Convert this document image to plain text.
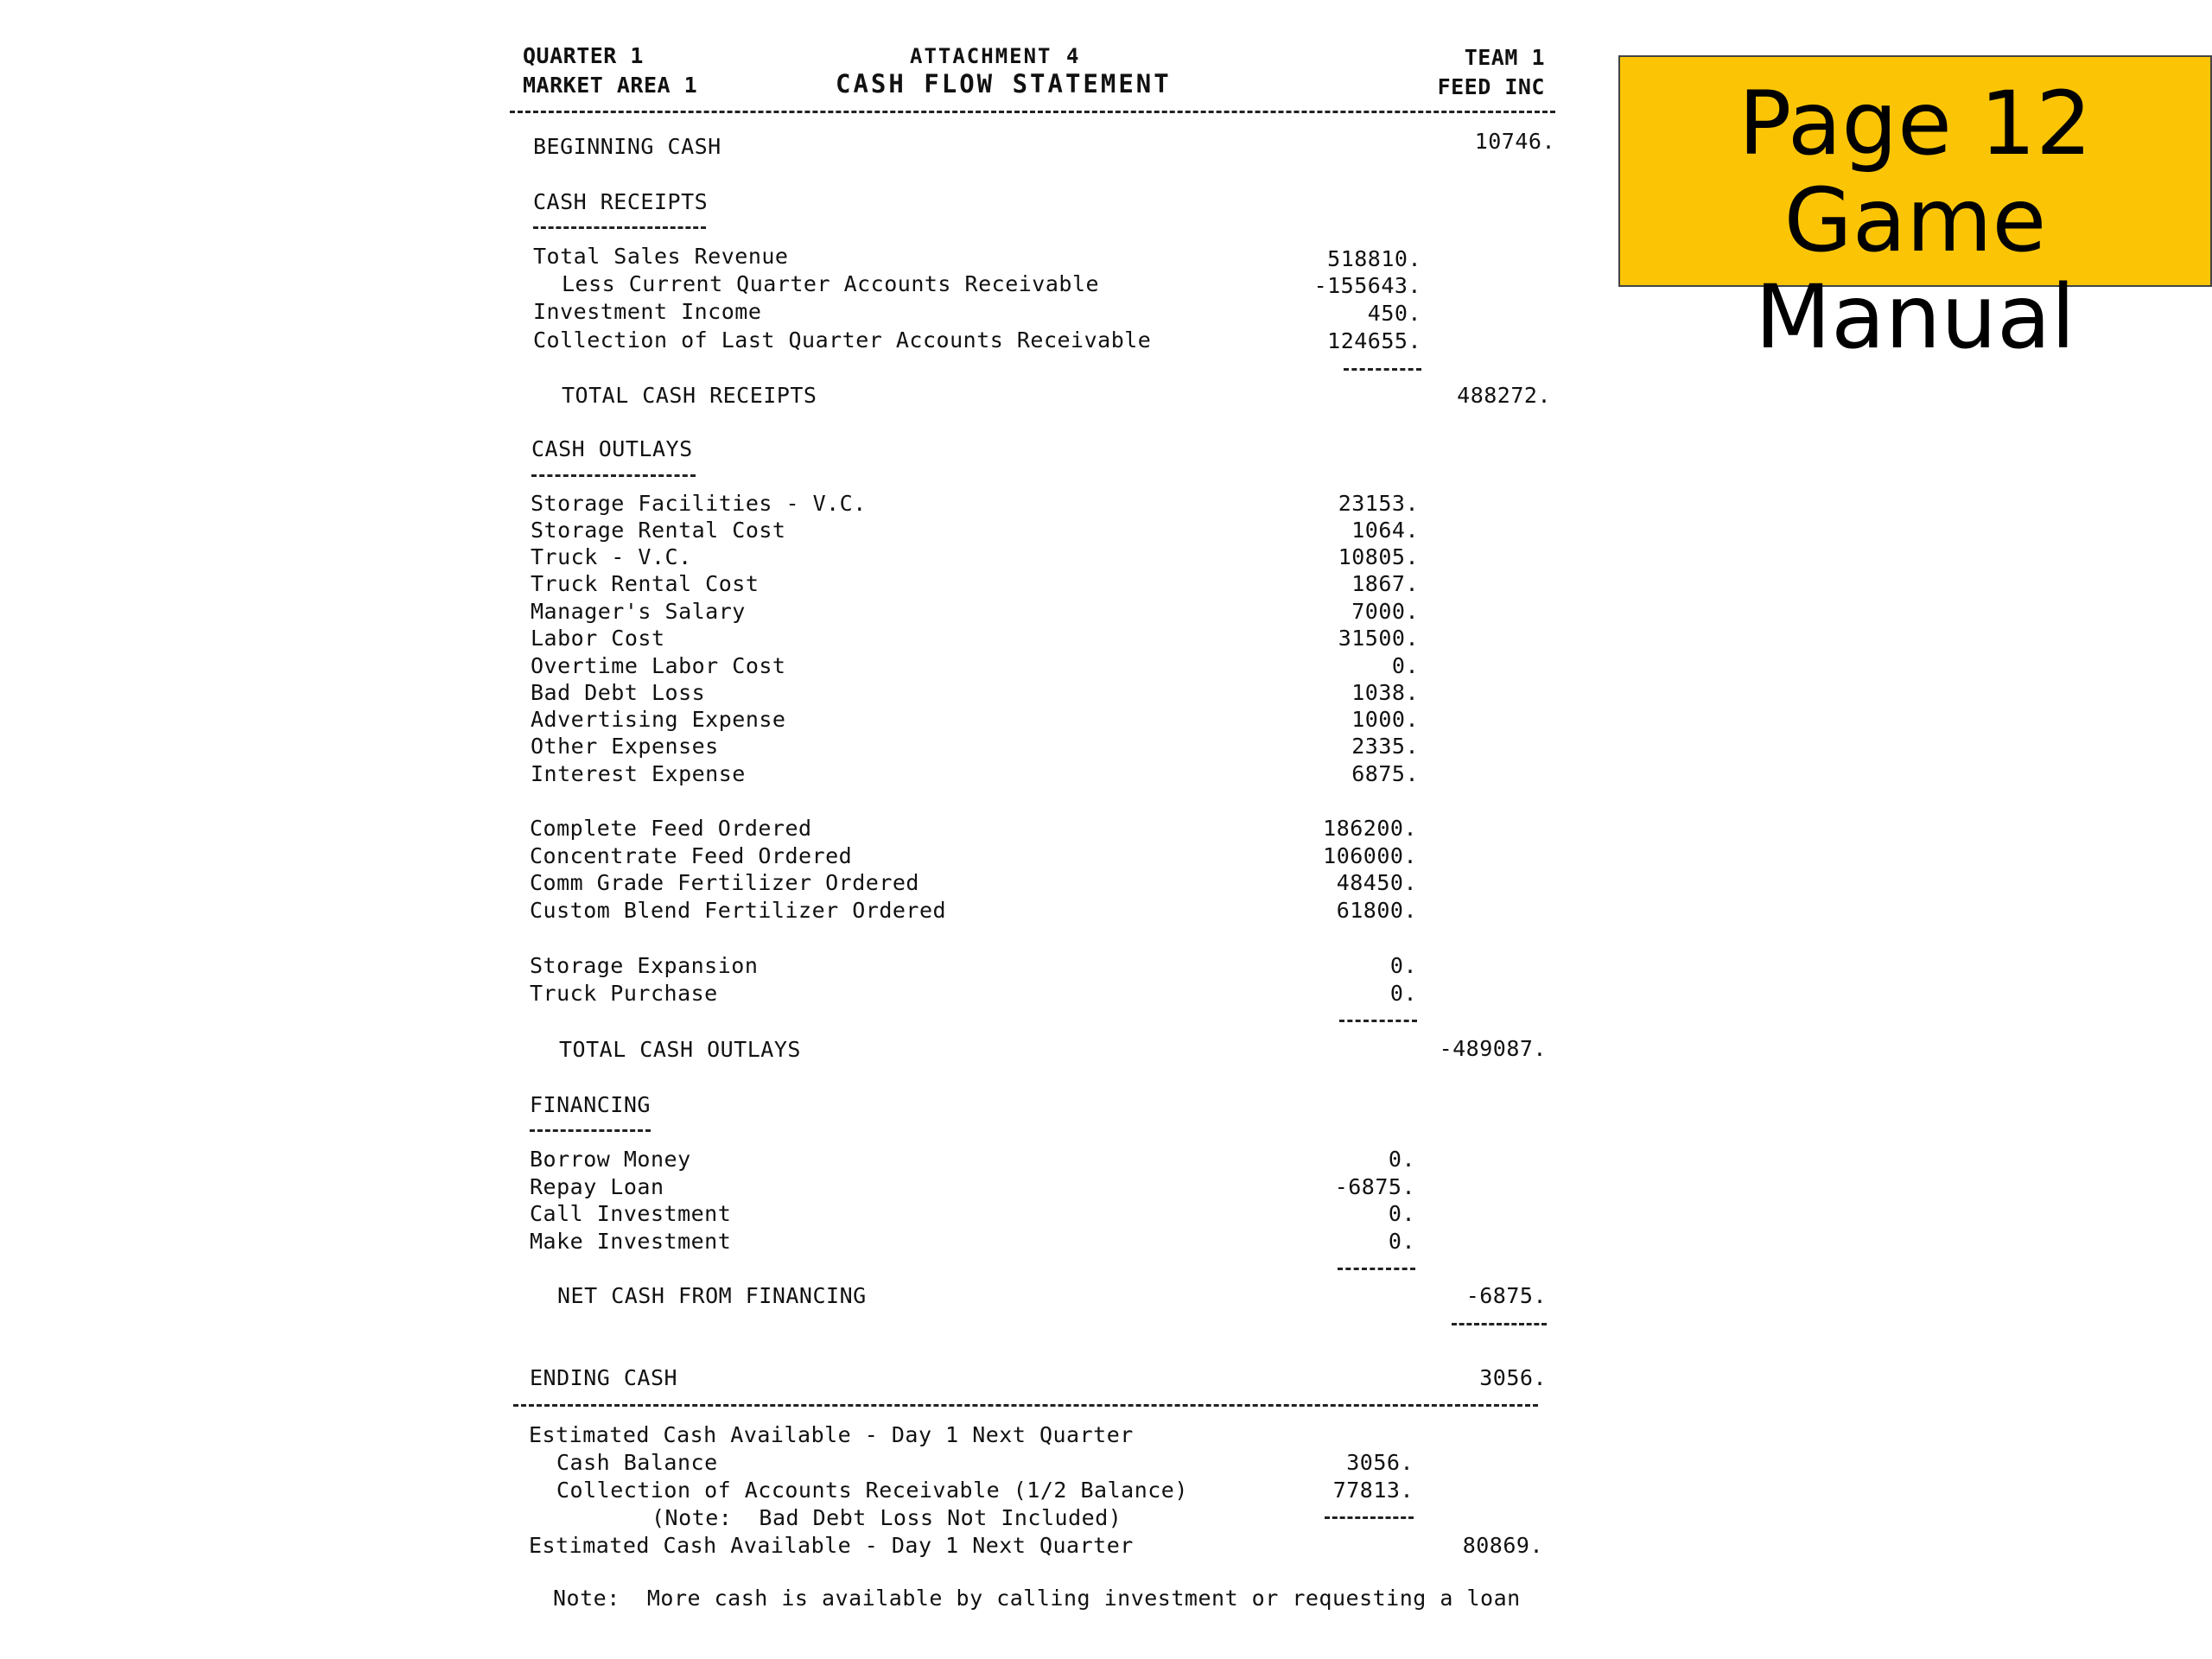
QUARTER 1
MARKET AREA 1
ATTACHMENT 4
CASH FLOW STATEMENT
TEAM 1
FEED INC
BEGINNING CASH	10746.
CASH RECEIPTS
Total Sales Revenue	518810.
Less Current Quarter Accounts Receivable	-155643.
Investment Income	450.
Collection of Last Quarter Accounts Receivable	124655.
TOTAL CASH RECEIPTS	488272.
CASH OUTLAYS
Storage Facilities - V.C.	23153.
Storage Rental Cost	1064.
Truck - V.C.	10805.
Truck Rental Cost	1867.
Manager's Salary	7000.
Labor Cost	31500.
Overtime Labor Cost	0.
Bad Debt Loss	1038.
Advertising Expense	1000.
Other Expenses	2335.
Interest Expense	6875.
Complete Feed Ordered	186200.
Concentrate Feed Ordered	106000.
Comm Grade Fertilizer Ordered	48450.
Custom Blend Fertilizer Ordered	61800.
Storage Expansion	0.
Truck Purchase	0.
TOTAL CASH OUTLAYS	-489087.
FINANCING
Borrow Money	0.
Repay Loan	-6875.
Call Investment	0.
Make Investment	0.
NET CASH FROM FINANCING	-6875.
ENDING CASH	3056.
Estimated Cash Available - Day 1 Next Quarter
Cash Balance	3056.
Collection of Accounts Receivable (1/2 Balance)	77813.
(Note:  Bad Debt Loss Not Included)
Estimated Cash Available - Day 1 Next Quarter	80869.
Note:  More cash is available by calling investment or requesting a loan
Page 12
Game Manual
